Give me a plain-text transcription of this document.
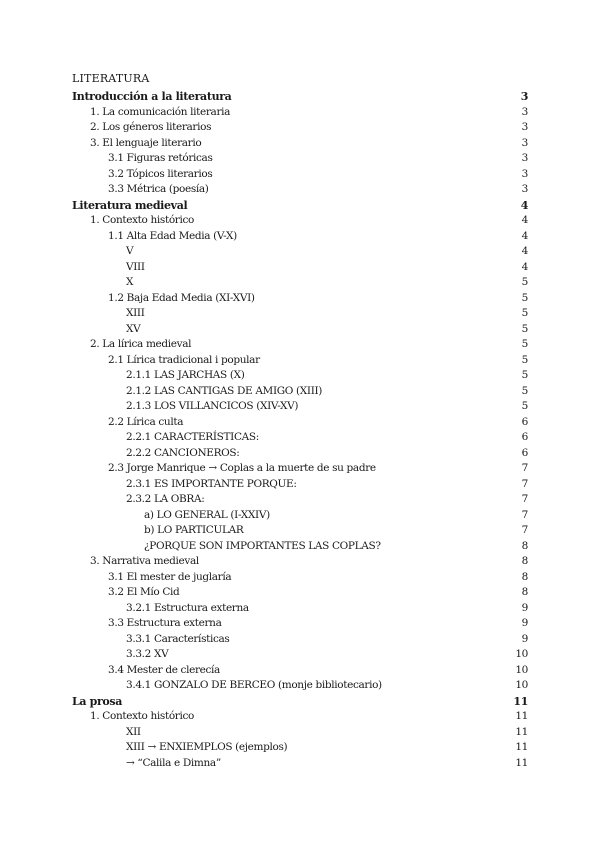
LITERATURA
Introducción a la literatura	3
1. La comunicación literaria	3
2. Los géneros literarios	3
3. El lenguaje literario	3
3.1 Figuras retóricas	3
3.2 Tópicos literarios	3
3.3 Métrica (poesía)	3
Literatura medieval	4
1. Contexto histórico	4
1.1 Alta Edad Media (V-X)	4
V	4
VIII	4
X	5
1.2 Baja Edad Media (XI-XVI)	5
XIII	5
XV	5
2. La lírica medieval	5
2.1 Lírica tradicional i popular	5
2.1.1 LAS JARCHAS (X)	5
2.1.2 LAS CANTIGAS DE AMIGO (XIII)	5
2.1.3 LOS VILLANCICOS (XIV-XV)	5
2.2 Lírica culta	6
2.2.1 CARACTERÍSTICAS:	6
2.2.2 CANCIONEROS:	6
2.3 Jorge Manrique → Coplas a la muerte de su padre	7
2.3.1 ES IMPORTANTE PORQUE:	7
2.3.2 LA OBRA:	7
a) LO GENERAL (I-XXIV)	7
b) LO PARTICULAR	7
¿PORQUE SON IMPORTANTES LAS COPLAS?	8
3. Narrativa medieval	8
3.1 El mester de juglaría	8
3.2 El Mío Cid	8
3.2.1 Estructura externa	9
3.3 Estructura externa	9
3.3.1 Características	9
3.3.2 XV	10
3.4 Mester de clerecía	10
3.4.1 GONZALO DE BERCEO (monje bibliotecario)	10
La prosa	11
1. Contexto histórico	11
XII	11
XIII → ENXIEMPLOS (ejemplos)	11
→ “Calila e Dimna”	11
